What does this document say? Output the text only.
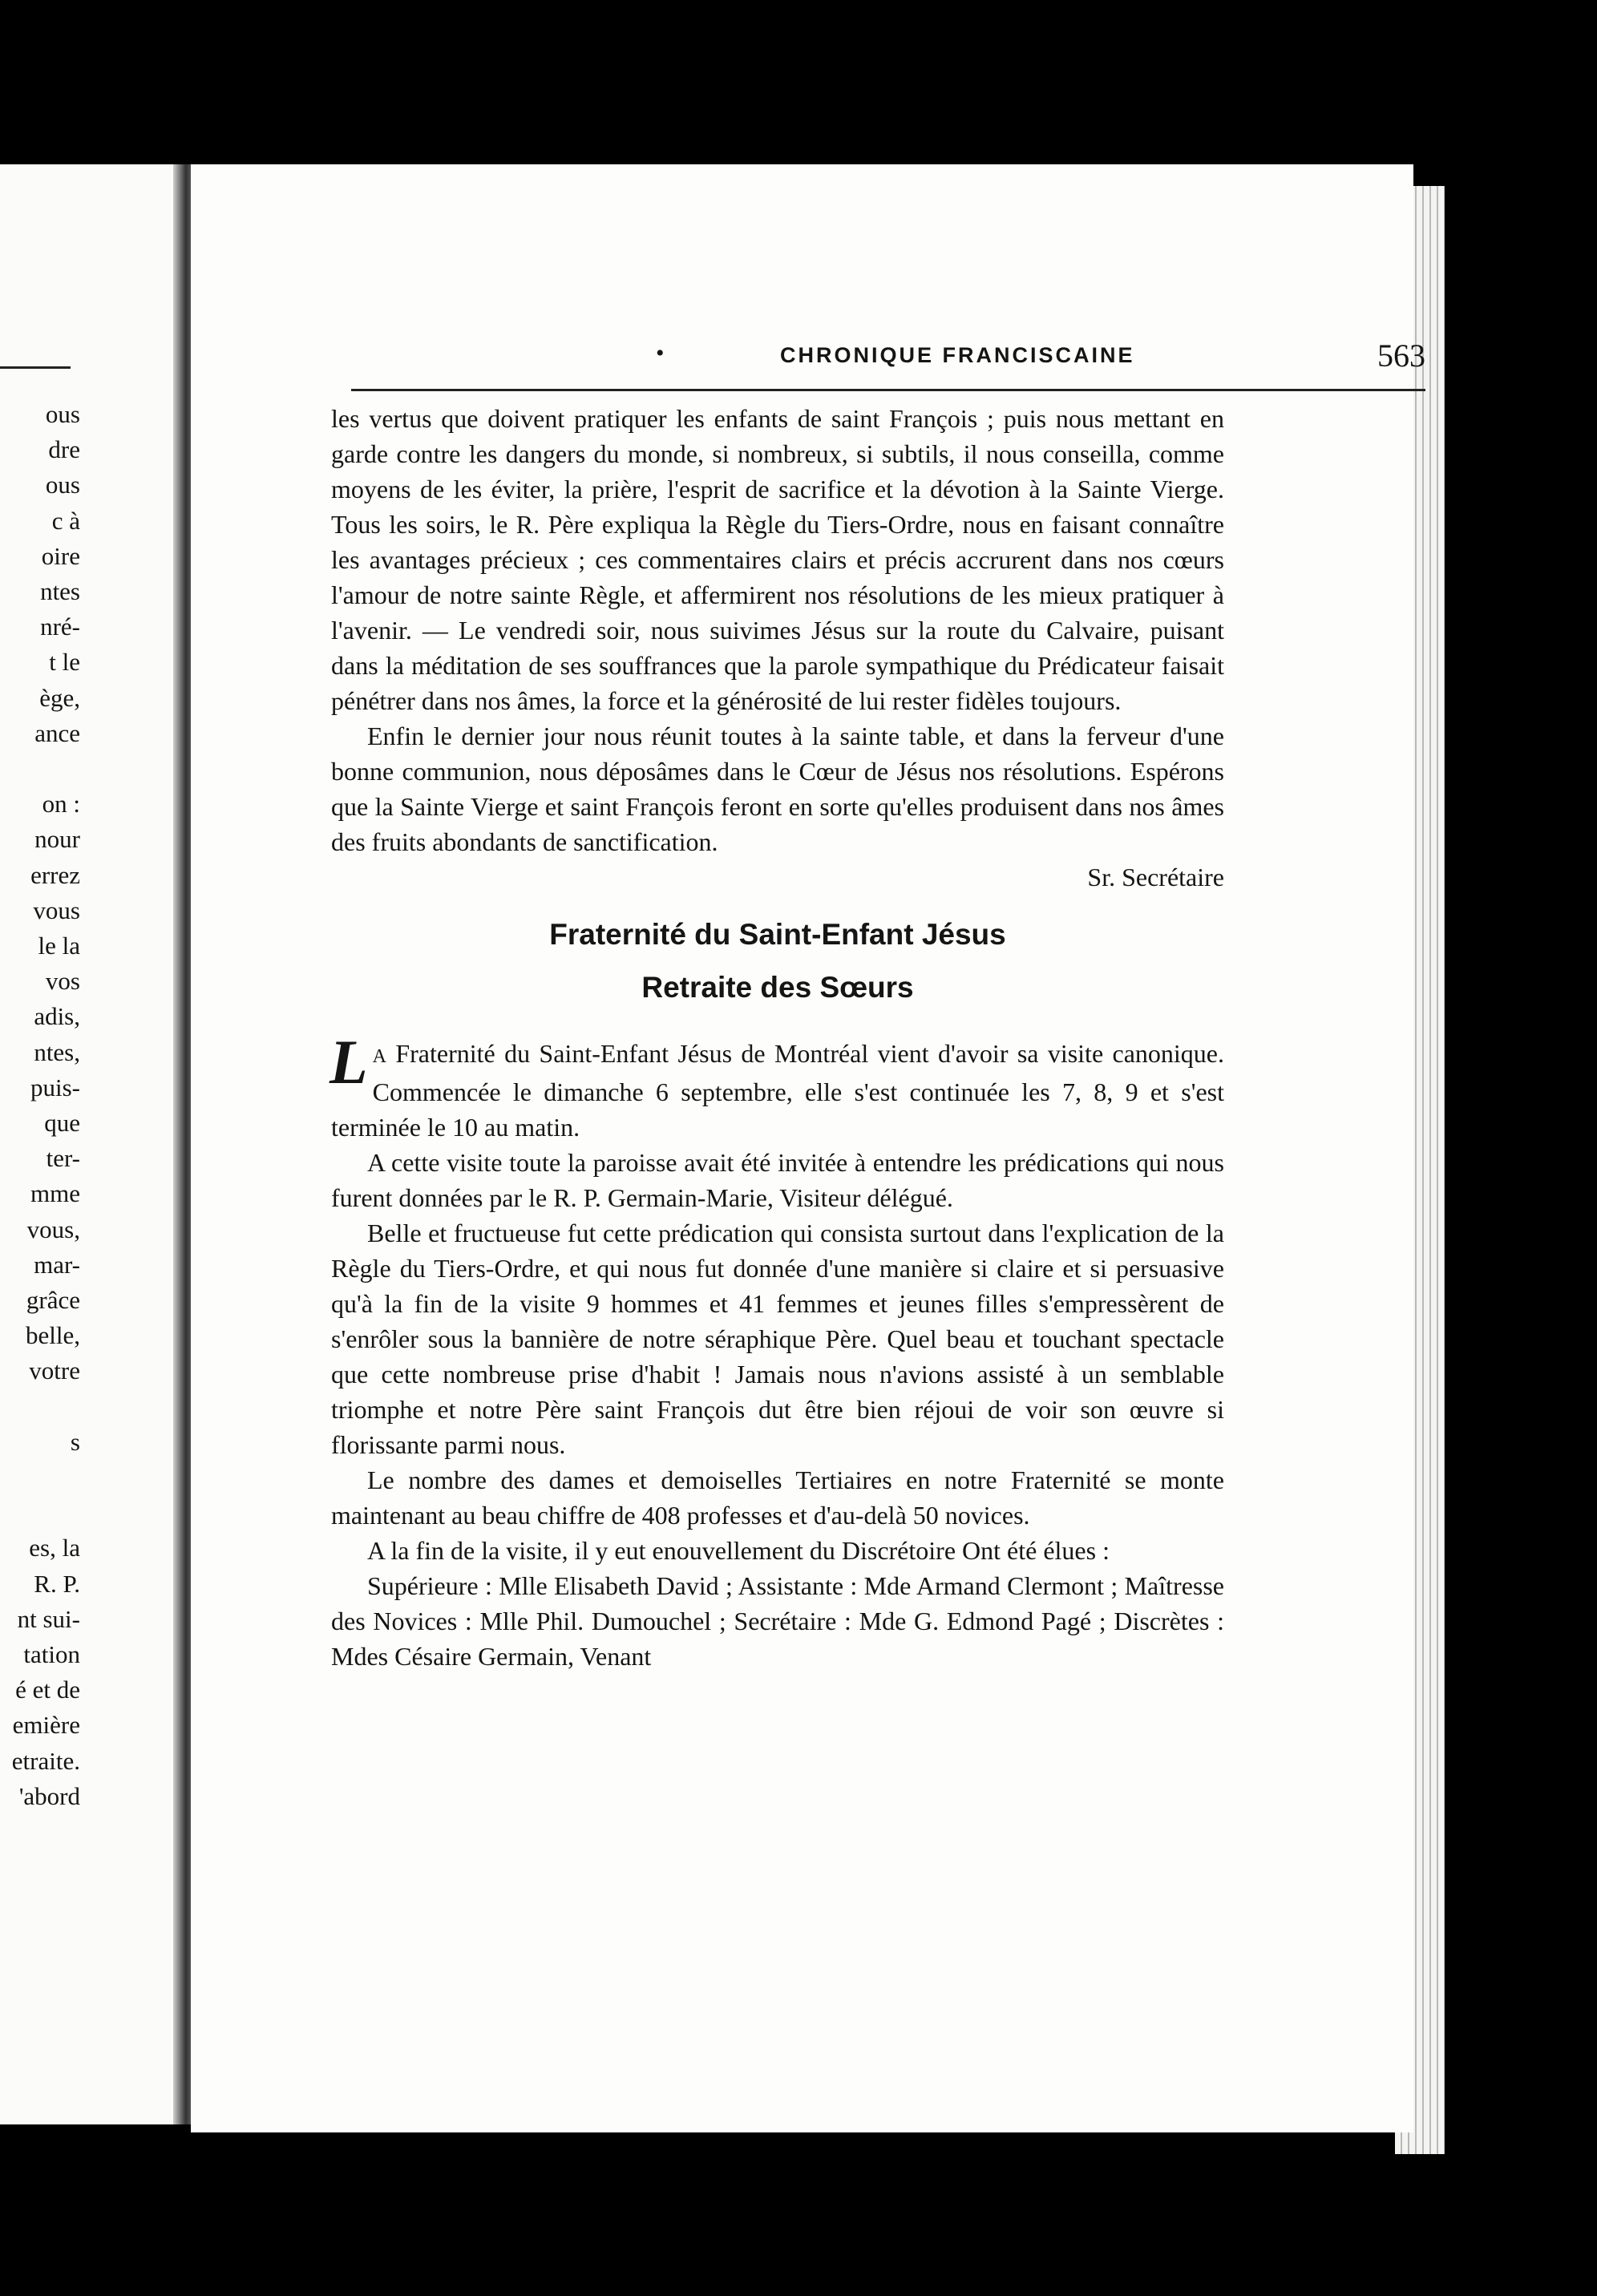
ous
dre
ous
c à
oire
ntes
nré-
t le
ège,
ance
on :
nour
errez
vous
le la
vos
adis,
ntes,
puis-
que
ter-
mme
vous,
mar-
grâce
belle,
votre
s
es, la
R. P.
nt sui-
tation
é et de
emière
etraite.
'abord
•	CHRONIQUE FRANCISCAINE	563

les vertus que doivent pratiquer les enfants de saint François ; puis nous mettant en garde contre les dangers du monde, si nombreux, si subtils, il nous conseilla, comme moyens de les éviter, la prière, l'esprit de sacrifice et la dévotion à la Sainte Vierge. Tous les soirs, le R. Père expliqua la Règle du Tiers-Ordre, nous en faisant connaître les avantages précieux ; ces commentaires clairs et précis accrurent dans nos cœurs l'amour de notre sainte Règle, et affermirent nos résolutions de les mieux pratiquer à l'avenir. — Le vendredi soir, nous suivimes Jésus sur la route du Calvaire, puisant dans la méditation de ses souffrances que la parole sympathique du Prédicateur faisait pénétrer dans nos âmes, la force et la générosité de lui rester fidèles toujours.

Enfin le dernier jour nous réunit toutes à la sainte table, et dans la ferveur d'une bonne communion, nous déposâmes dans le Cœur de Jésus nos résolutions. Espérons que la Sainte Vierge et saint François feront en sorte qu'elles produisent dans nos âmes des fruits abondants de sanctification.

Sr. Secrétaire

Fraternité du Saint-Enfant Jésus
Retraite des Sœurs

L A Fraternité du Saint-Enfant Jésus de Montréal vient d'avoir sa visite canonique. Commencée le dimanche 6 septembre, elle s'est continuée les 7, 8, 9 et s'est terminée le 10 au matin.

A cette visite toute la paroisse avait été invitée à entendre les prédications qui nous furent données par le R. P. Germain-Marie, Visiteur délégué.

Belle et fructueuse fut cette prédication qui consista surtout dans l'explication de la Règle du Tiers-Ordre, et qui nous fut donnée d'une manière si claire et si persuasive qu'à la fin de la visite 9 hommes et 41 femmes et jeunes filles s'empressèrent de s'enrôler sous la bannière de notre séraphique Père. Quel beau et touchant spectacle que cette nombreuse prise d'habit ! Jamais nous n'avions assisté à un semblable triomphe et notre Père saint François dut être bien réjoui de voir son œuvre si florissante parmi nous.

Le nombre des dames et demoiselles Tertiaires en notre Fraternité se monte maintenant au beau chiffre de 408 professes et d'au-delà 50 novices.

A la fin de la visite, il y eut enouvellement du Discrétoire Ont été élues :

Supérieure : Mlle Elisabeth David ; Assistante : Mde Armand Clermont ; Maîtresse des Novices : Mlle Phil. Dumouchel ; Secrétaire : Mde G. Edmond Pagé ; Discrètes : Mdes Césaire Germain, Venant
